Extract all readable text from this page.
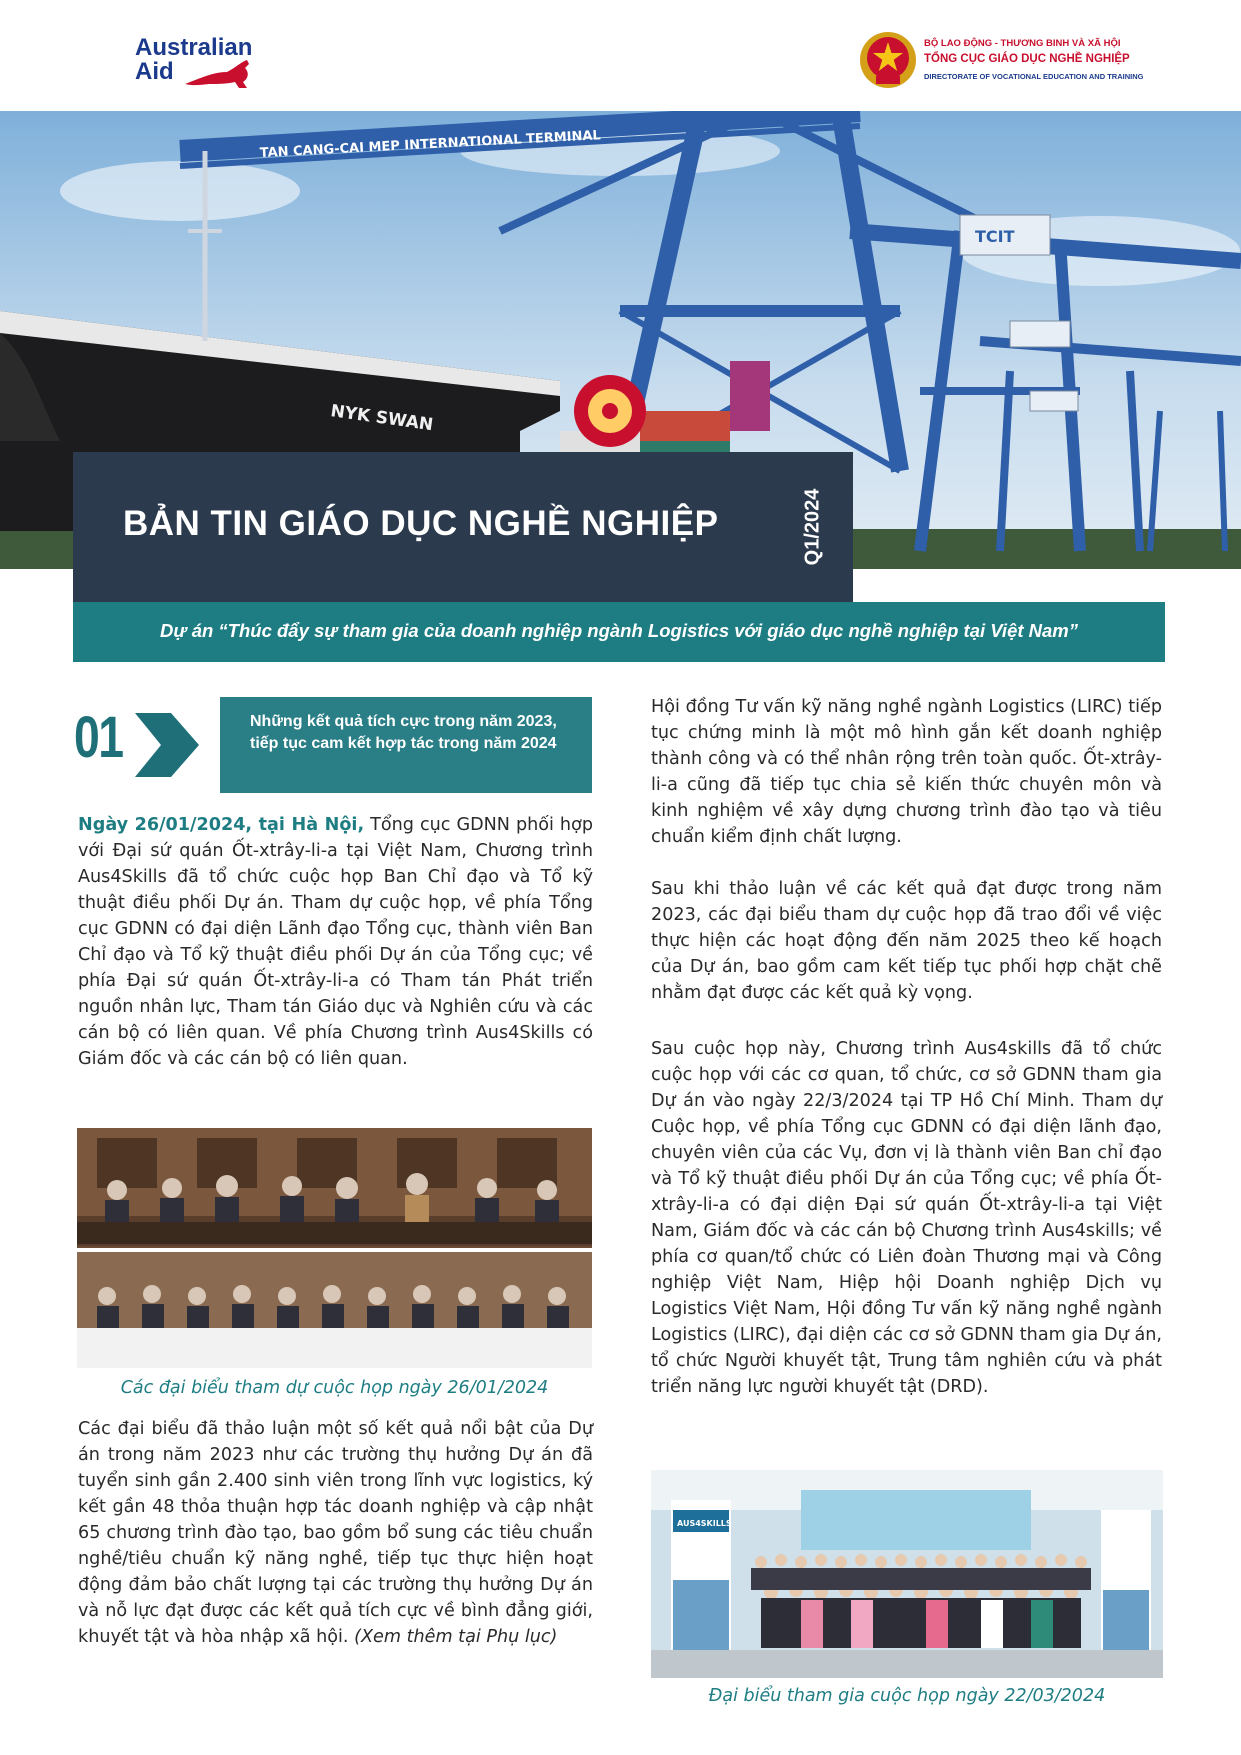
Australian
Aid
BỘ LAO ĐỘNG - THƯƠNG BINH VÀ XÃ HỘI
TỔNG CỤC GIÁO DỤC NGHỀ NGHIỆP
DIRECTORATE OF VOCATIONAL EDUCATION AND TRAINING
TAN CANG-CAI MEP INTERNATIONAL TERMINAL
TCIT
NYK SWAN
BẢN TIN GIÁO DỤC NGHỀ NGHIỆP	Q1/2024
Dự án “Thúc đẩy sự tham gia của doanh nghiệp ngành Logistics với giáo dục nghề nghiệp tại Việt Nam”
01	Những kết quả tích cực trong năm 2023, tiếp tục cam kết hợp tác trong năm 2024

Ngày 26/01/2024, tại Hà Nội, Tổng cục GDNN phối hợp với Đại sứ quán Ốt-xtrây-li-a tại Việt Nam, Chương trình Aus4Skills đã tổ chức cuộc họp Ban Chỉ đạo và Tổ kỹ thuật điều phối Dự án. Tham dự cuộc họp, về phía Tổng cục GDNN có đại diện Lãnh đạo Tổng cục, thành viên Ban Chỉ đạo và Tổ kỹ thuật điều phối Dự án của Tổng cục; về phía Đại sứ quán Ốt-xtrây-li-a có Tham tán Phát triển nguồn nhân lực, Tham tán Giáo dục và Nghiên cứu và các cán bộ có liên quan. Về phía Chương trình Aus4Skills có Giám đốc và các cán bộ có liên quan.

Các đại biểu tham dự cuộc họp ngày 26/01/2024

Các đại biểu đã thảo luận một số kết quả nổi bật của Dự án trong năm 2023 như các trường thụ hưởng Dự án đã tuyển sinh gần 2.400 sinh viên trong lĩnh vực logistics, ký kết gần 48 thỏa thuận hợp tác doanh nghiệp và cập nhật 65 chương trình đào tạo, bao gồm bổ sung các tiêu chuẩn nghề/tiêu chuẩn kỹ năng nghề, tiếp tục thực hiện hoạt động đảm bảo chất lượng tại các trường thụ hưởng Dự án và nỗ lực đạt được các kết quả tích cực về bình đẳng giới, khuyết tật và hòa nhập xã hội. (Xem thêm tại Phụ lục)

Hội đồng Tư vấn kỹ năng nghề ngành Logistics (LIRC) tiếp tục chứng minh là một mô hình gắn kết doanh nghiệp thành công và có thể nhân rộng trên toàn quốc. Ốt-xtrây-li-a cũng đã tiếp tục chia sẻ kiến thức chuyên môn và kinh nghiệm về xây dựng chương trình đào tạo và tiêu chuẩn kiểm định chất lượng.

Sau khi thảo luận về các kết quả đạt được trong năm 2023, các đại biểu tham dự cuộc họp đã trao đổi về việc thực hiện các hoạt động đến năm 2025 theo kế hoạch của Dự án, bao gồm cam kết tiếp tục phối hợp chặt chẽ nhằm đạt được các kết quả kỳ vọng.

Sau cuộc họp này, Chương trình Aus4skills đã tổ chức cuộc họp với các cơ quan, tổ chức, cơ sở GDNN tham gia Dự án vào ngày 22/3/2024 tại TP Hồ Chí Minh. Tham dự Cuộc họp, về phía Tổng cục GDNN có đại diện lãnh đạo, chuyên viên của các Vụ, đơn vị là thành viên Ban chỉ đạo và Tổ kỹ thuật điều phối Dự án của Tổng cục; về phía Ốt-xtrây-li-a có đại diện Đại sứ quán Ốt-xtrây-li-a tại Việt Nam, Giám đốc và các cán bộ Chương trình Aus4skills; về phía cơ quan/tổ chức có Liên đoàn Thương mại và Công nghiệp Việt Nam, Hiệp hội Doanh nghiệp Dịch vụ Logistics Việt Nam, Hội đồng Tư vấn kỹ năng nghề ngành Logistics (LIRC), đại diện các cơ sở GDNN tham gia Dự án, tổ chức Người khuyết tật, Trung tâm nghiên cứu và phát triển năng lực người khuyết tật (DRD).

AUS4SKILLS
Đại biểu tham gia cuộc họp ngày 22/03/2024
